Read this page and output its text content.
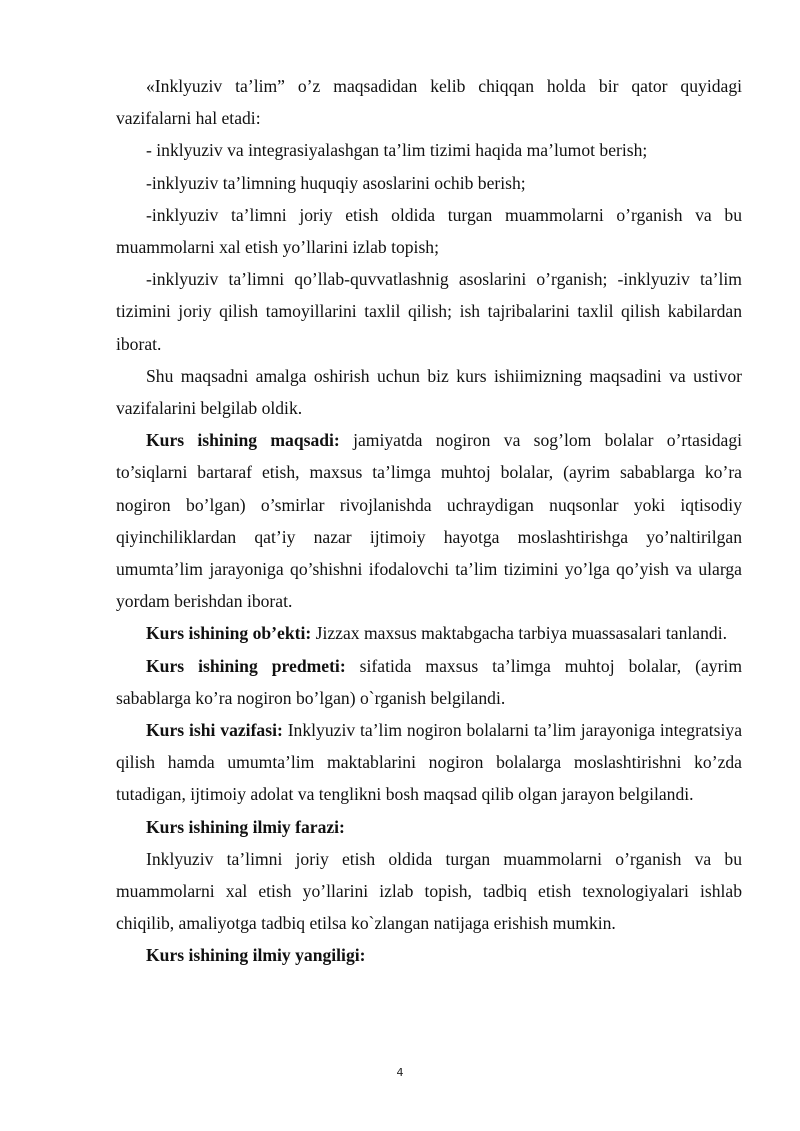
«Inklyuziv ta’lim” o’z maqsadidan kelib chiqqan holda bir qator quyidagi vazifalarni hal etadi:

- inklyuziv va integrasiyalashgan ta’lim tizimi haqida ma’lumot berish;

-inklyuziv ta’limning huquqiy asoslarini ochib berish;

-inklyuziv ta’limni joriy etish oldida turgan muammolarni o’rganish va bu muammolarni xal etish yo’llarini izlab topish;

-inklyuziv ta’limni qo’llab-quvvatlashnig asoslarini o’rganish; -inklyuziv ta’lim tizimini joriy qilish tamoyillarini taxlil qilish; ish tajribalarini taxlil qilish kabilardan iborat.

Shu maqsadni amalga oshirish uchun biz kurs ishiimizning maqsadini va ustivor vazifalarini belgilab oldik.

Kurs ishining maqsadi: jamiyatda nogiron va sog’lom bolalar o’rtasidagi to’siqlarni bartaraf etish, maxsus ta’limga muhtoj bolalar, (ayrim sabablarga ko’ra nogiron bo’lgan) o’smirlar rivojlanishda uchraydigan nuqsonlar yoki iqtisodiy qiyinchiliklardan qat’iy nazar ijtimoiy hayotga moslashtirishga yo’naltirilgan umumta’lim jarayoniga qo’shishni ifodalovchi ta’lim tizimini yo’lga qo’yish va ularga yordam berishdan iborat.

Kurs ishining ob’ekti: Jizzax maxsus maktabgacha tarbiya muassasalari tanlandi.

Kurs ishining predmeti: sifatida maxsus ta’limga muhtoj bolalar, (ayrim sabablarga ko’ra nogiron bo’lgan) o`rganish belgilandi.

Kurs ishi vazifasi: Inklyuziv ta’lim nogiron bolalarni ta’lim jarayoniga integratsiya qilish hamda umumta’lim maktablarini nogiron bolalarga moslashtirishni ko’zda tutadigan, ijtimoiy adolat va tenglikni bosh maqsad qilib olgan jarayon belgilandi.

Kurs ishining ilmiy farazi:

Inklyuziv ta’limni joriy etish oldida turgan muammolarni o’rganish va bu muammolarni xal etish yo’llarini izlab topish, tadbiq etish texnologiyalari ishlab chiqilib, amaliyotga tadbiq etilsa ko`zlangan natijaga erishish mumkin.

Kurs ishining ilmiy yangiligi:

4
